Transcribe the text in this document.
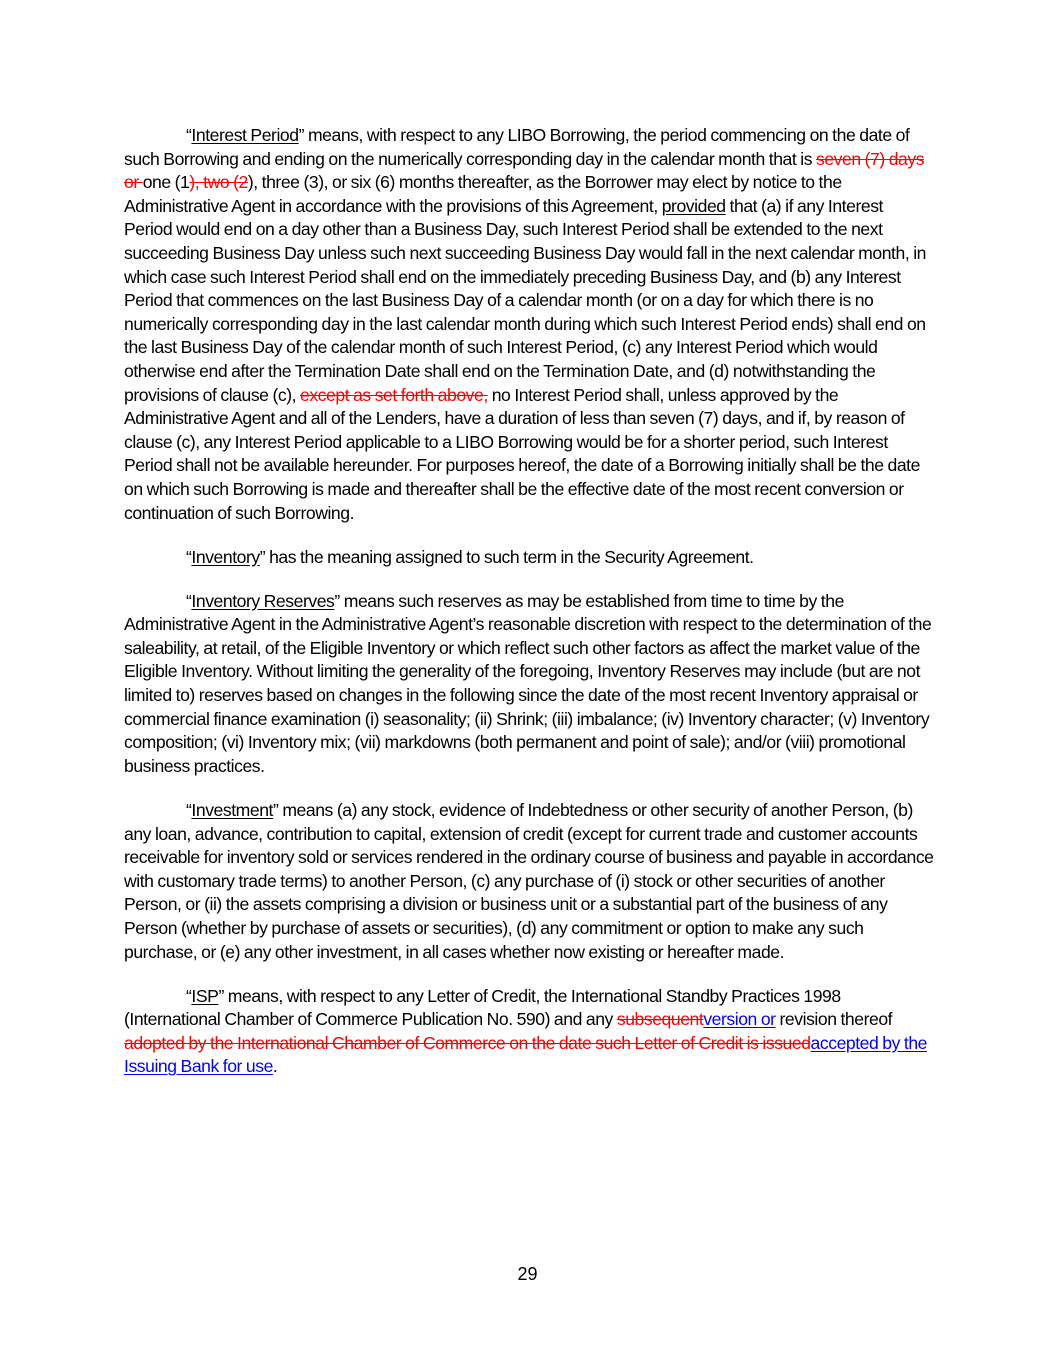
“Interest Period” means, with respect to any LIBO Borrowing, the period commencing on the date of such Borrowing and ending on the numerically corresponding day in the calendar month that is seven (7) days or one (1), two (2), three (3), or six (6) months thereafter, as the Borrower may elect by notice to the Administrative Agent in accordance with the provisions of this Agreement, provided that (a) if any Interest Period would end on a day other than a Business Day, such Interest Period shall be extended to the next succeeding Business Day unless such next succeeding Business Day would fall in the next calendar month, in which case such Interest Period shall end on the immediately preceding Business Day, and (b) any Interest Period that commences on the last Business Day of a calendar month (or on a day for which there is no numerically corresponding day in the last calendar month during which such Interest Period ends) shall end on the last Business Day of the calendar month of such Interest Period, (c) any Interest Period which would otherwise end after the Termination Date shall end on the Termination Date, and (d) notwithstanding the provisions of clause (c), except as set forth above, no Interest Period shall, unless approved by the Administrative Agent and all of the Lenders, have a duration of less than seven (7) days, and if, by reason of clause (c), any Interest Period applicable to a LIBO Borrowing would be for a shorter period, such Interest Period shall not be available hereunder. For purposes hereof, the date of a Borrowing initially shall be the date on which such Borrowing is made and thereafter shall be the effective date of the most recent conversion or continuation of such Borrowing.

“Inventory” has the meaning assigned to such term in the Security Agreement.

“Inventory Reserves” means such reserves as may be established from time to time by the Administrative Agent in the Administrative Agent’s reasonable discretion with respect to the determination of the saleability, at retail, of the Eligible Inventory or which reflect such other factors as affect the market value of the Eligible Inventory. Without limiting the generality of the foregoing, Inventory Reserves may include (but are not limited to) reserves based on changes in the following since the date of the most recent Inventory appraisal or commercial finance examination (i) seasonality; (ii) Shrink; (iii) imbalance; (iv) Inventory character; (v) Inventory composition; (vi) Inventory mix; (vii) markdowns (both permanent and point of sale); and/or (viii) promotional business practices.

“Investment” means (a) any stock, evidence of Indebtedness or other security of another Person, (b) any loan, advance, contribution to capital, extension of credit (except for current trade and customer accounts receivable for inventory sold or services rendered in the ordinary course of business and payable in accordance with customary trade terms) to another Person, (c) any purchase of (i) stock or other securities of another Person, or (ii) the assets comprising a division or business unit or a substantial part of the business of any Person (whether by purchase of assets or securities), (d) any commitment or option to make any such purchase, or (e) any other investment, in all cases whether now existing or hereafter made.

“ISP” means, with respect to any Letter of Credit, the International Standby Practices 1998 (International Chamber of Commerce Publication No. 590) and any subsequentversion or revision thereof adopted by the International Chamber of Commerce on the date such Letter of Credit is issuedaccepted by the Issuing Bank for use.

29
